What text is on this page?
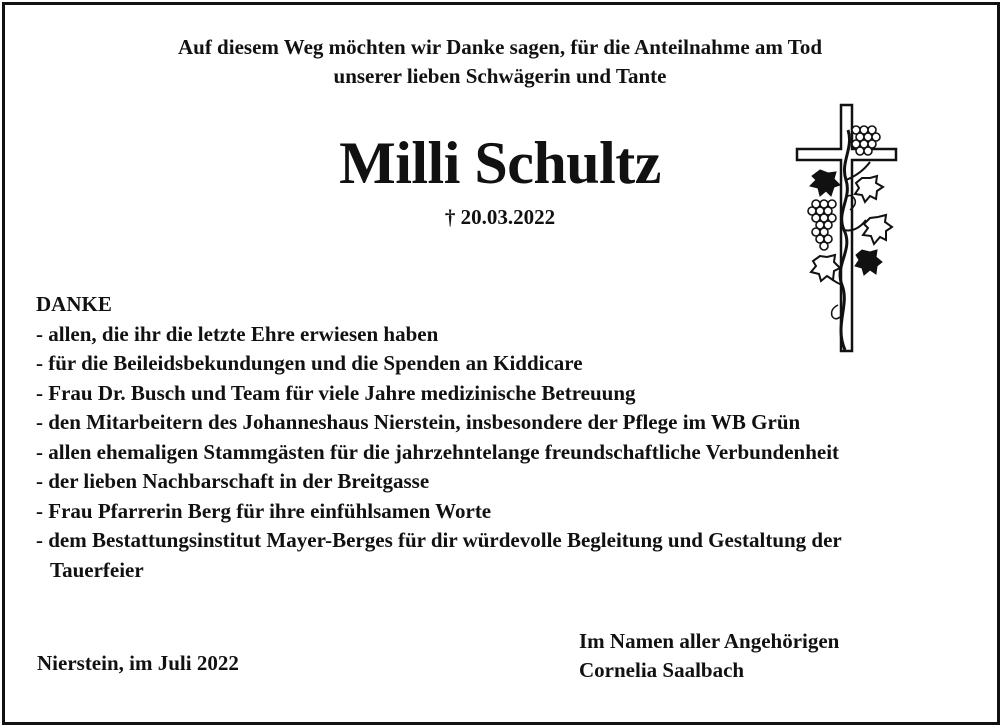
Auf diesem Weg möchten wir Danke sagen, für die Anteilnahme am Tod
unserer lieben Schwägerin und Tante
Milli Schultz
† 20.03.2022
DANKE
- allen, die ihr die letzte Ehre erwiesen haben
- für die Beileidsbekundungen und die Spenden an Kiddicare
- Frau Dr. Busch und Team für viele Jahre medizinische Betreuung
- den Mitarbeitern des Johanneshaus Nierstein, insbesondere der Pflege im WB Grün
- allen ehemaligen Stammgästen für die jahrzehntelange freundschaftliche Verbundenheit
- der lieben Nachbarschaft in der Breitgasse
- Frau Pfarrerin Berg für ihre einfühlsamen Worte
- dem Bestattungsinstitut Mayer-Berges für dir würdevolle Begleitung und Gestaltung der
Tauerfeier
Nierstein, im Juli 2022
Im Namen aller Angehörigen
Cornelia Saalbach
